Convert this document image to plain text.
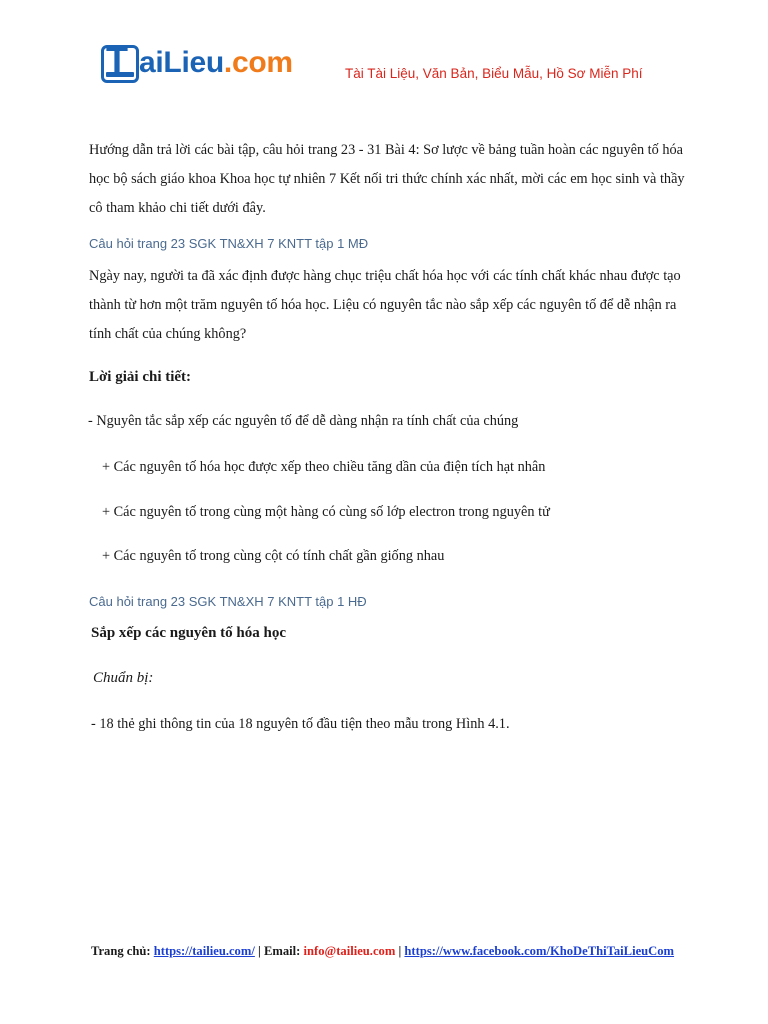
T aiLieu.com	Tài Tài Liệu, Văn Bản, Biểu Mẫu, Hồ Sơ Miễn Phí

Hướng dẫn trả lời các bài tập, câu hỏi trang 23 - 31 Bài 4: Sơ lược về bảng tuần hoàn các nguyên tố hóa học bộ sách giáo khoa Khoa học tự nhiên 7 Kết nối tri thức chính xác nhất, mời các em học sinh và thầy cô tham khảo chi tiết dưới đây.

Câu hỏi trang 23 SGK TN&XH 7 KNTT tập 1 MĐ

Ngày nay, người ta đã xác định được hàng chục triệu chất hóa học với các tính chất khác nhau được tạo thành từ hơn một trăm nguyên tố hóa học. Liệu có nguyên tắc nào sắp xếp các nguyên tố để dễ nhận ra tính chất của chúng không?

Lời giải chi tiết:

- Nguyên tắc sắp xếp các nguyên tố để dễ dàng nhận ra tính chất của chúng

+ Các nguyên tố hóa học được xếp theo chiều tăng dần của điện tích hạt nhân

+ Các nguyên tố trong cùng một hàng có cùng số lớp electron trong nguyên tử

+ Các nguyên tố trong cùng cột có tính chất gần giống nhau

Câu hỏi trang 23 SGK TN&XH 7 KNTT tập 1 HĐ

Sắp xếp các nguyên tố hóa học

Chuẩn bị:

- 18 thẻ ghi thông tin của 18 nguyên tố đầu tiện theo mẫu trong Hình 4.1.

Trang chủ: https://tailieu.com/ | Email: info@tailieu.com | https://www.facebook.com/KhoDeThiTaiLieuCom
